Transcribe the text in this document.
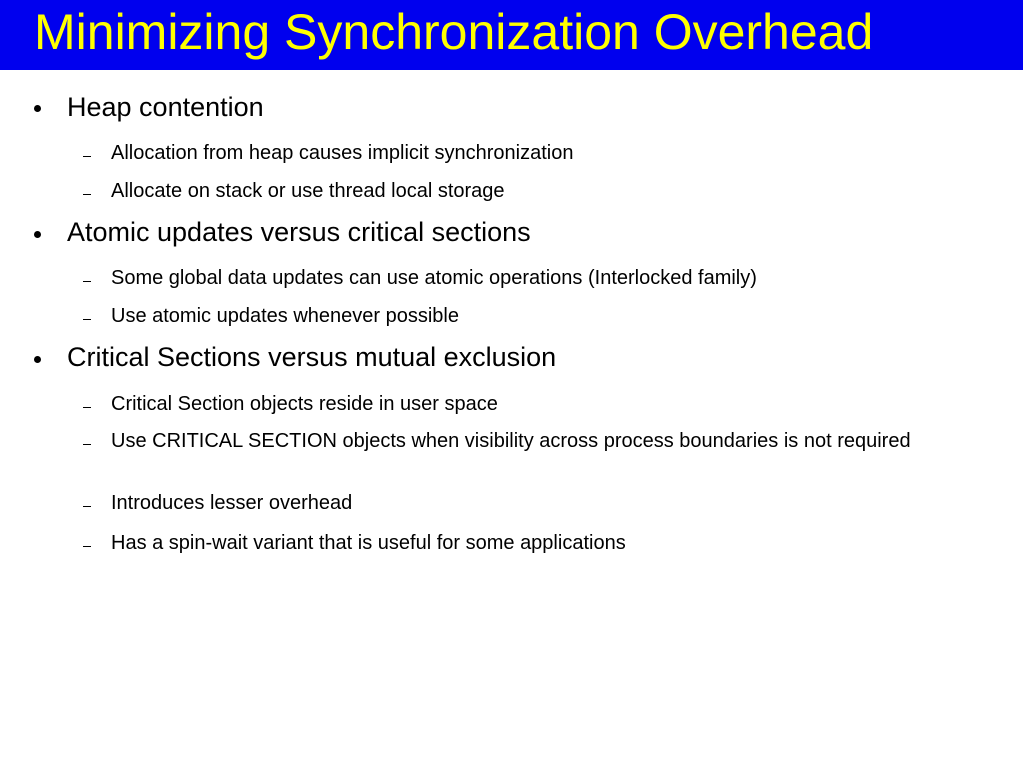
Minimizing Synchronization Overhead
Heap contention
Allocation from heap causes implicit synchronization
Allocate on stack or use thread local storage
Atomic updates versus critical sections
Some global data updates can use atomic operations (Interlocked family)
Use atomic updates whenever possible
Critical Sections versus mutual exclusion
Critical Section objects reside in user space
Use CRITICAL SECTION objects when visibility across process boundaries is not required
Introduces lesser overhead
Has a spin-wait variant that is useful for some applications
